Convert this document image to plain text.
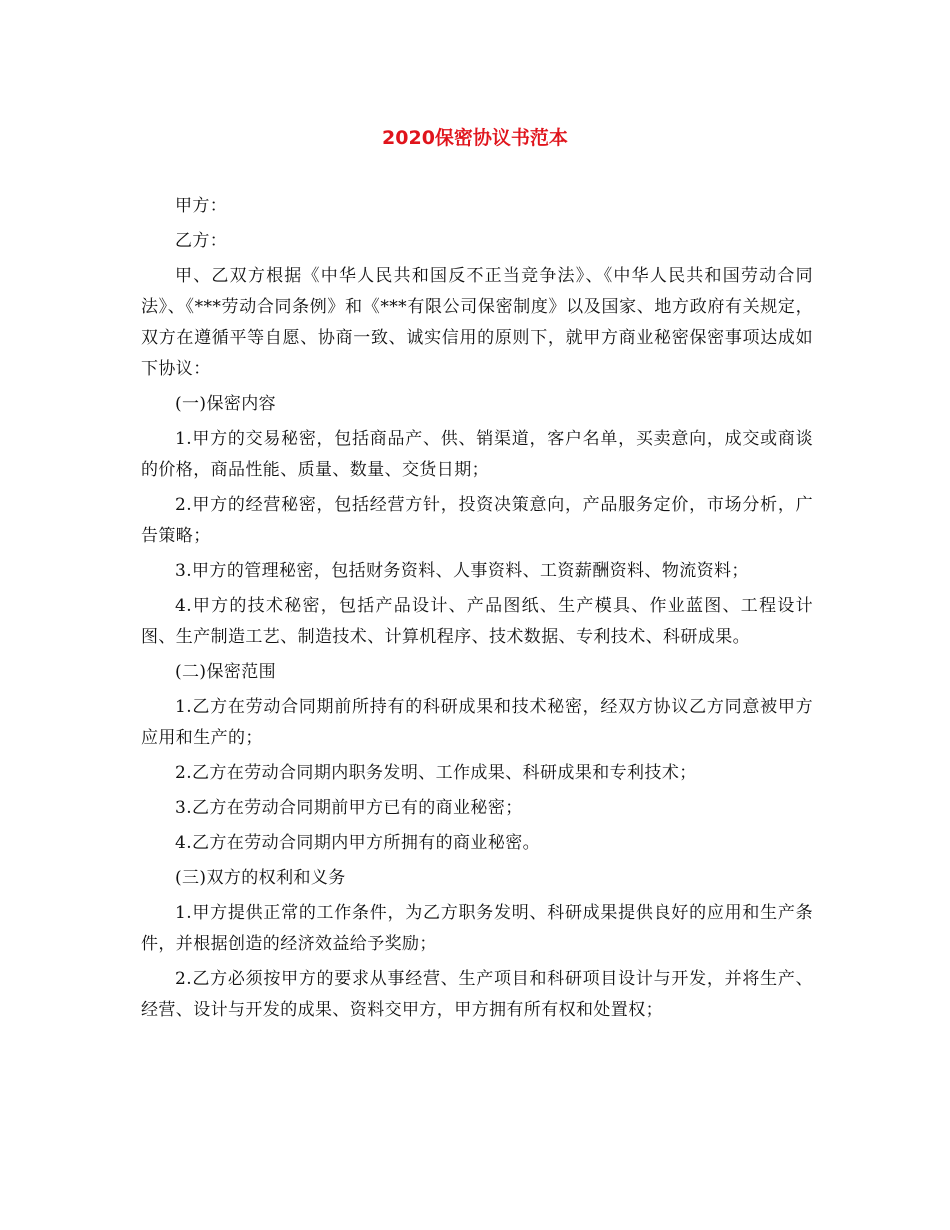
2020保密协议书范本

甲方：

乙方：

甲、乙双方根据《中华人民共和国反不正当竞争法》、《中华人民共和国劳动合同法》、《***劳动合同条例》和《***有限公司保密制度》以及国家、地方政府有关规定，双方在遵循平等自愿、协商一致、诚实信用的原则下，就甲方商业秘密保密事项达成如下协议：

(一)保密内容

1.甲方的交易秘密，包括商品产、供、销渠道，客户名单，买卖意向，成交或商谈的价格，商品性能、质量、数量、交货日期；

2.甲方的经营秘密，包括经营方针，投资决策意向，产品服务定价，市场分析，广告策略；

3.甲方的管理秘密，包括财务资料、人事资料、工资薪酬资料、物流资料；

4.甲方的技术秘密，包括产品设计、产品图纸、生产模具、作业蓝图、工程设计图、生产制造工艺、制造技术、计算机程序、技术数据、专利技术、科研成果。

(二)保密范围

1.乙方在劳动合同期前所持有的科研成果和技术秘密，经双方协议乙方同意被甲方应用和生产的；

2.乙方在劳动合同期内职务发明、工作成果、科研成果和专利技术；

3.乙方在劳动合同期前甲方已有的商业秘密；

4.乙方在劳动合同期内甲方所拥有的商业秘密。

(三)双方的权利和义务

1.甲方提供正常的工作条件，为乙方职务发明、科研成果提供良好的应用和生产条件，并根据创造的经济效益给予奖励；

2.乙方必须按甲方的要求从事经营、生产项目和科研项目设计与开发，并将生产、经营、设计与开发的成果、资料交甲方，甲方拥有所有权和处置权；
